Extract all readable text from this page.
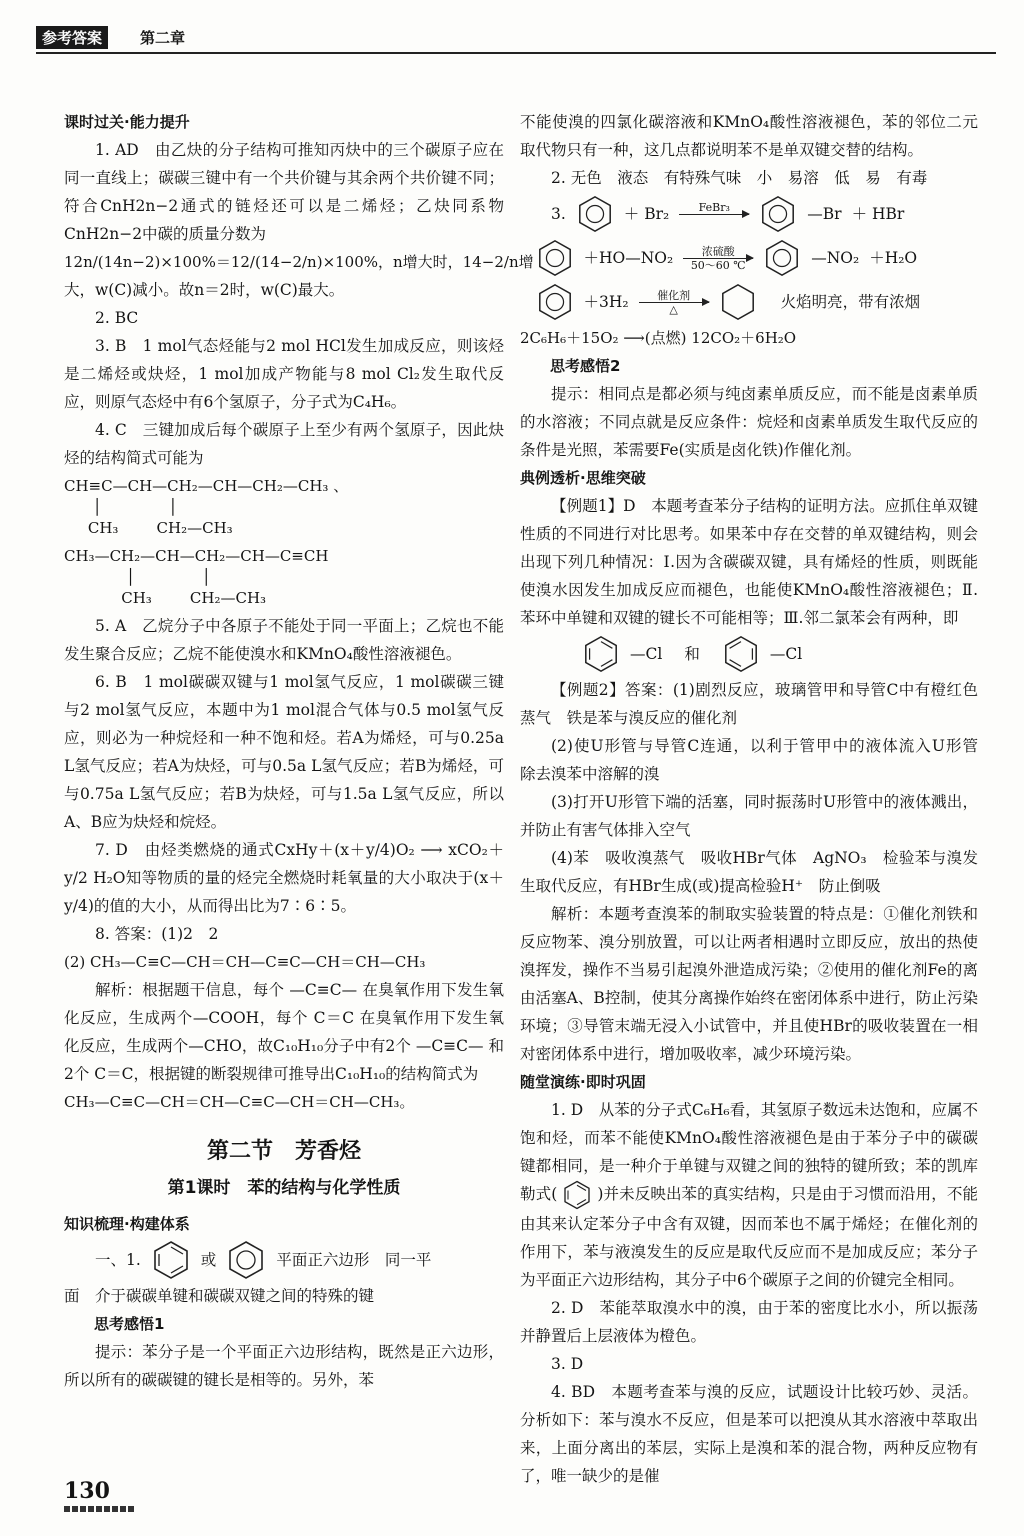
参考答案	第二章

课时过关·能力提升

1. AD　由乙炔的分子结构可推知丙炔中的三个碳原子应在同一直线上；碳碳三键中有一个共价键与其余两个共价键不同；符合CnH2n−2通式的链烃还可以是二烯烃；乙炔同系物CnH2n−2中碳的质量分数为

12n/(14n−2)×100%＝12/(14−2/n)×100%，n增大时，14−2/n增

大，w(C)减小。故n＝2时，w(C)最大。

2. BC

3. B　1 mol气态烃能与2 mol HCl发生加成反应，则该烃是二烯烃或炔烃，1 mol加成产物能与8 mol Cl₂发生取代反应，则原气态烃中有6个氢原子，分子式为C₄H₆。

4. C　三键加成后每个碳原子上至少有两个氢原子，因此炔烃的结构简式可能为

CH≡C—CH—CH₂—CH—CH₂—CH₃ 、

│              │

CH₃        CH₂—CH₃

CH₃—CH₂—CH—CH₂—CH—C≡CH

│              │

CH₃        CH₂—CH₃

5. A　乙烷分子中各原子不能处于同一平面上；乙烷也不能发生聚合反应；乙烷不能使溴水和KMnO₄酸性溶液褪色。

6. B　1 mol碳碳双键与1 mol氢气反应，1 mol碳碳三键与2 mol氢气反应，本题中为1 mol混合气体与0.5 mol氢气反应，则必为一种烷烃和一种不饱和烃。若A为烯烃，可与0.25a L氢气反应；若A为炔烃，可与0.5a L氢气反应；若B为烯烃，可与0.75a L氢气反应；若B为炔烃，可与1.5a L氢气反应，所以A、B应为炔烃和烷烃。

7. D　由烃类燃烧的通式CxHy＋(x＋y/4)O₂ ⟶ xCO₂＋y/2 H₂O知等物质的量的烃完全燃烧时耗氧量的大小取决于(x＋y/4)的值的大小，从而得出比为7∶6∶5。

8. 答案：(1)2　2

(2) CH₃—C≡C—CH＝CH—C≡C—CH＝CH—CH₃

解析：根据题干信息，每个 —C≡C— 在臭氧作用下发生氧化反应，生成两个—COOH，每个 C＝C 在臭氧作用下发生氧化反应，生成两个—CHO，故C₁₀H₁₀分子中有2个 —C≡C— 和2个 C＝C，根据键的断裂规律可推导出C₁₀H₁₀的结构简式为

CH₃—C≡C—CH＝CH—C≡C—CH＝CH—CH₃。

第二节　芳香烃

第1课时　苯的结构与化学性质

知识梳理·构建体系

一、1.	或	平面正六边形　同一平

面　介于碳碳单键和碳碳双键之间的特殊的键

思考感悟1

提示：苯分子是一个平面正六边形结构，既然是正六边形，所以所有的碳碳键的键长是相等的。另外，苯

不能使溴的四氯化碳溶液和KMnO₄酸性溶液褪色，苯的邻位二元取代物只有一种，这几点都说明苯不是单双键交替的结构。

2. 无色　液态　有特殊气味　小　易溶　低　易　有毒

3.	＋ Br₂	FeBr₃
	—Br ＋ HBr
＋HO—NO₂	浓硫酸
50～60 ℃	—NO₂ ＋H₂O
＋3H₂	催化剂
△	火焰明亮，带有浓烟

2C₆H₆＋15O₂ ⟶(点燃) 12CO₂＋6H₂O

思考感悟2

提示：相同点是都必须与纯卤素单质反应，而不能是卤素单质的水溶液；不同点就是反应条件：烷烃和卤素单质发生取代反应的条件是光照，苯需要Fe(实质是卤化铁)作催化剂。

典例透析·思维突破

【例题1】D　本题考查苯分子结构的证明方法。应抓住单双键性质的不同进行对比思考。如果苯中存在交替的单双键结构，则会出现下列几种情况：Ⅰ.因为含碳碳双键，具有烯烃的性质，则既能使溴水因发生加成反应而褪色，也能使KMnO₄酸性溶液褪色；Ⅱ.苯环中单键和双键的键长不可能相等；Ⅲ.邻二氯苯会有两种，即

—Cl 和	—Cl

【例题2】答案：(1)剧烈反应，玻璃管甲和导管C中有橙红色蒸气　铁是苯与溴反应的催化剂

(2)使U形管与导管C连通，以利于管甲中的液体流入U形管　除去溴苯中溶解的溴

(3)打开U形管下端的活塞，同时振荡时U形管中的液体溅出，并防止有害气体排入空气

(4)苯　吸收溴蒸气　吸收HBr气体　AgNO₃　检验苯与溴发生取代反应，有HBr生成(或)提高检验H⁺　防止倒吸

解析：本题考查溴苯的制取实验装置的特点是：①催化剂铁和反应物苯、溴分别放置，可以让两者相遇时立即反应，放出的热使溴挥发，操作不当易引起溴外泄造成污染；②使用的催化剂Fe的离由活塞A、B控制，使其分离操作始终在密闭体系中进行，防止污染环境；③导管末端无浸入小试管中，并且使HBr的吸收装置在一相对密闭体系中进行，增加吸收率，减少环境污染。

随堂演练·即时巩固

1. D　从苯的分子式C₆H₆看，其氢原子数远未达饱和，应属不饱和烃，而苯不能使KMnO₄酸性溶液褪色是由于苯分子中的碳碳键都相同，是一种介于单键与双键之间的独特的键所致；苯的凯库勒式(	)并未反映出苯的真实结构，只是由于习惯而沿用，不能由其来认定苯分子中含有双键，因而苯也不属于烯烃；在催化剂的作用下，苯与液溴发生的反应是取代反应而不是加成反应；苯分子为平面正六边形结构，其分子中6个碳原子之间的价键完全相同。

2. D　苯能萃取溴水中的溴，由于苯的密度比水小，所以振荡并静置后上层液体为橙色。

3. D

4. BD　本题考查苯与溴的反应，试题设计比较巧妙、灵活。分析如下：苯与溴水不反应，但是苯可以把溴从其水溶液中萃取出来，上面分离出的苯层，实际上是溴和苯的混合物，两种反应物有了，唯一缺少的是催

130
